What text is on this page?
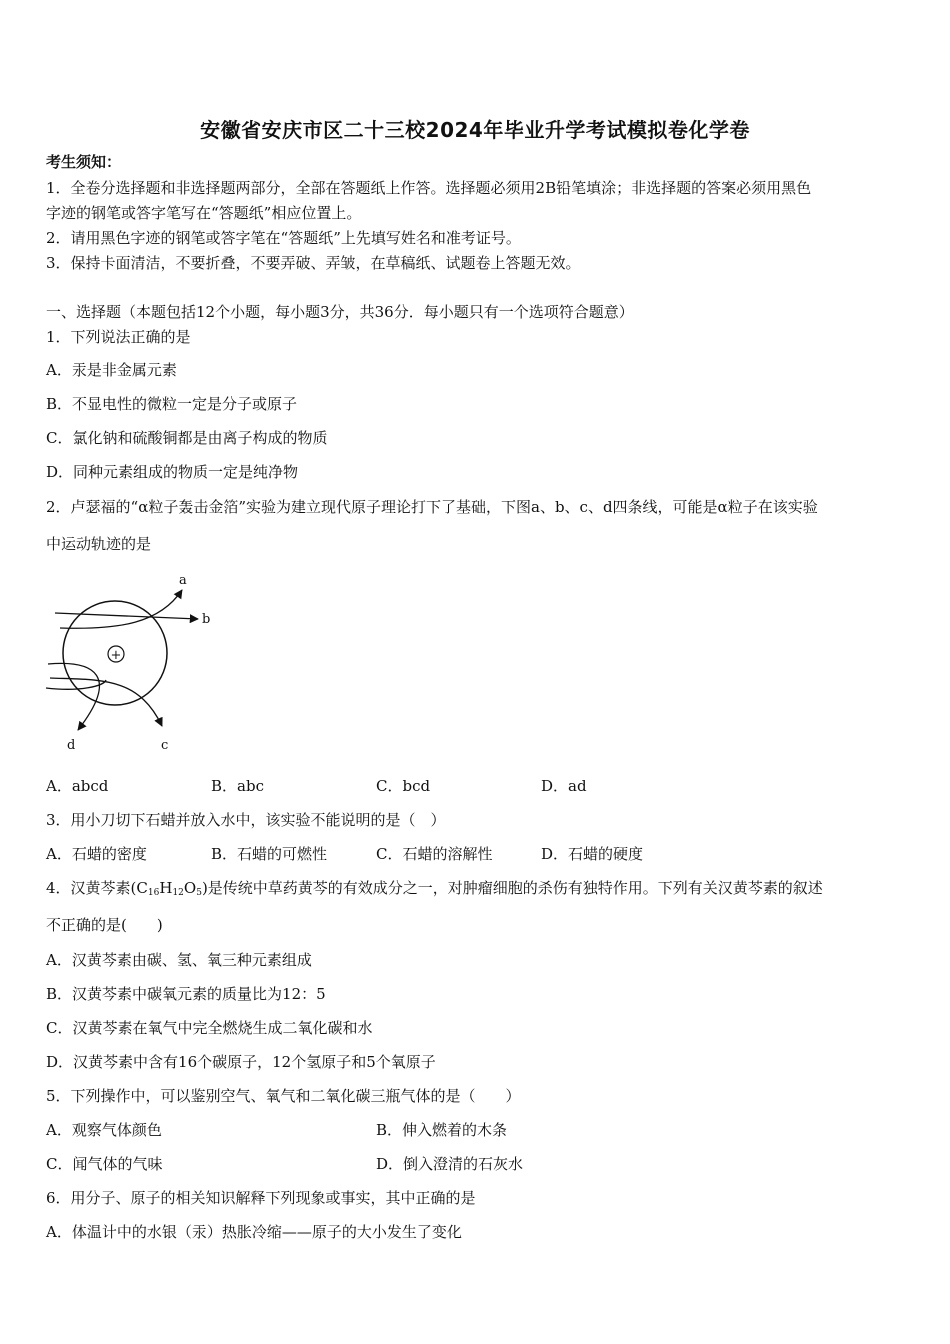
安徽省安庆市区二十三校2024年毕业升学考试模拟卷化学卷
考生须知：
1．全卷分选择题和非选择题两部分，全部在答题纸上作答。选择题必须用2B铅笔填涂；非选择题的答案必须用黑色
字迹的钢笔或答字笔写在“答题纸”相应位置上。
2．请用黑色字迹的钢笔或答字笔在“答题纸”上先填写姓名和准考证号。
3．保持卡面清洁，不要折叠，不要弄破、弄皱，在草稿纸、试题卷上答题无效。
一、选择题（本题包括12个小题，每小题3分，共36分．每小题只有一个选项符合题意）
1．下列说法正确的是
A．汞是非金属元素
B．不显电性的微粒一定是分子或原子
C．氯化钠和硫酸铜都是由离子构成的物质
D．同种元素组成的物质一定是纯净物
2．卢瑟福的“α粒子轰击金箔”实验为建立现代原子理论打下了基础，下图a、b、c、d四条线，可能是α粒子在该实验
中运动轨迹的是
+
a
b
c
d
A．abcd	B．abc	C．bcd	D．ad
3．用小刀切下石蜡并放入水中，该实验不能说明的是（　）
A．石蜡的密度	B．石蜡的可燃性	C．石蜡的溶解性	D．石蜡的硬度
4．汉黄芩素$(C_{16}H_{12}O_5)$是传统中草药黄芩的有效成分之一，对肿瘤细胞的杀伤有独特作用。下列有关汉黄芩素的叙述
不正确的是(　　)
A．汉黄芩素由碳、氢、氧三种元素组成
B．汉黄芩素中碳氧元素的质量比为12：5
C．汉黄芩素在氧气中完全燃烧生成二氧化碳和水
D．汉黄芩素中含有16个碳原子，12个氢原子和5个氧原子
5．下列操作中，可以鉴别空气、氧气和二氧化碳三瓶气体的是（　　）
A．观察气体颜色	B．伸入燃着的木条
C．闻气体的气味	D．倒入澄清的石灰水
6．用分子、原子的相关知识解释下列现象或事实，其中正确的是
A．体温计中的水银（汞）热胀冷缩——原子的大小发生了变化
